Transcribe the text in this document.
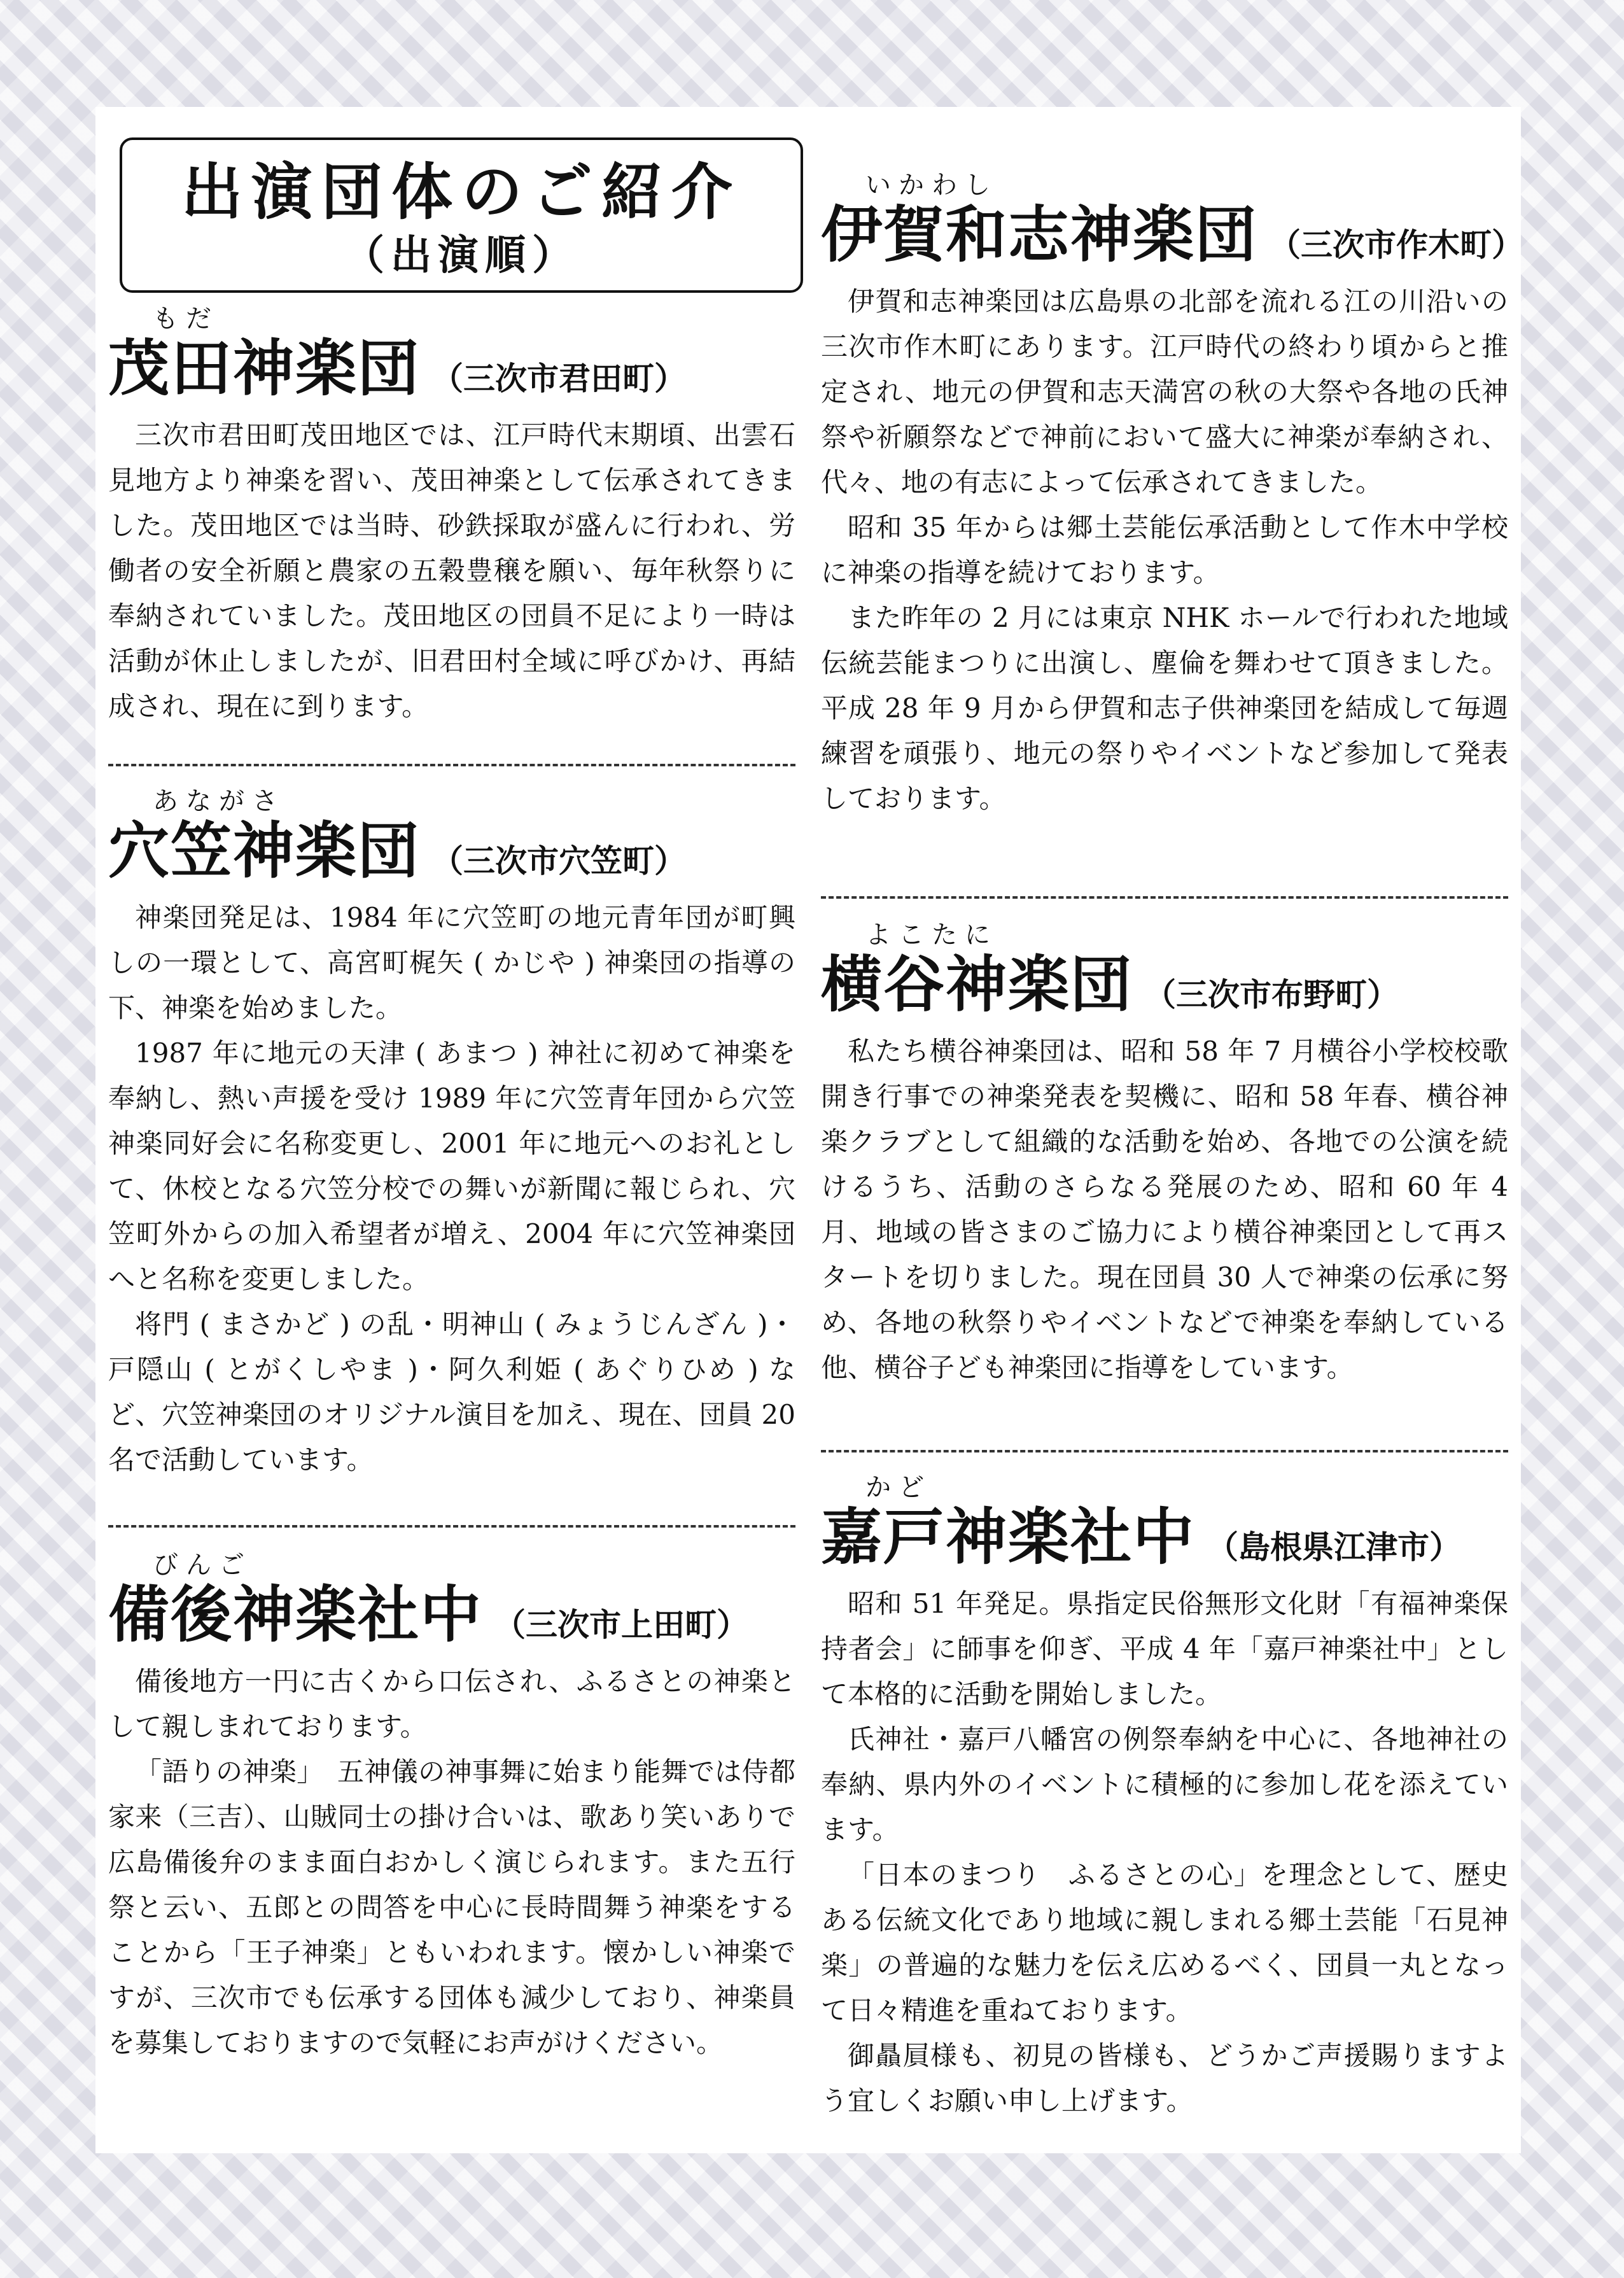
出演団体のご紹介
（出演順）
もだ
茂田神楽団 （三次市君田町）

三次市君田町茂田地区では、江戸時代末期頃、出雲石見地方より神楽を習い、茂田神楽として伝承されてきました。茂田地区では当時、砂鉄採取が盛んに行われ、労働者の安全祈願と農家の五穀豊穣を願い、毎年秋祭りに奉納されていました。茂田地区の団員不足により一時は活動が休止しましたが、旧君田村全域に呼びかけ、再結成され、現在に到ります。

あながさ
穴笠神楽団 （三次市穴笠町）

神楽団発足は、1984 年に穴笠町の地元青年団が町興しの一環として、高宮町梶矢 ( かじや ) 神楽団の指導の下、神楽を始めました。

1987 年に地元の天津 ( あまつ ) 神社に初めて神楽を奉納し、熱い声援を受け 1989 年に穴笠青年団から穴笠神楽同好会に名称変更し、2001 年に地元へのお礼として、休校となる穴笠分校での舞いが新聞に報じられ、穴笠町外からの加入希望者が増え、2004 年に穴笠神楽団へと名称を変更しました。

将門 ( まさかど ) の乱・明神山 ( みょうじんざん )・戸隠山 ( とがくしやま )・阿久利姫 ( あぐりひめ ) など、穴笠神楽団のオリジナル演目を加え、現在、団員 20 名で活動しています。

びんご
備後神楽社中 （三次市上田町）

備後地方一円に古くから口伝され、ふるさとの神楽として親しまれております。

「語りの神楽」　五神儀の神事舞に始まり能舞では侍都家来（三吉）、山賊同士の掛け合いは、歌あり笑いありで広島備後弁のまま面白おかしく演じられます。また五行祭と云い、五郎との問答を中心に長時間舞う神楽をすることから「王子神楽」ともいわれます。懐かしい神楽ですが、三次市でも伝承する団体も減少しており、神楽員を募集しておりますので気軽にお声がけください。

いかわし
伊賀和志神楽団 （三次市作木町）

伊賀和志神楽団は広島県の北部を流れる江の川沿いの三次市作木町にあります。江戸時代の終わり頃からと推定され、地元の伊賀和志天満宮の秋の大祭や各地の氏神祭や祈願祭などで神前において盛大に神楽が奉納され、代々、地の有志によって伝承されてきました。

昭和 35 年からは郷土芸能伝承活動として作木中学校に神楽の指導を続けております。

また昨年の 2 月には東京 NHK ホールで行われた地域伝統芸能まつりに出演し、塵倫を舞わせて頂きました。平成 28 年 9 月から伊賀和志子供神楽団を結成して毎週練習を頑張り、地元の祭りやイベントなど参加して発表しております。

よこたに
横谷神楽団 （三次市布野町）

私たち横谷神楽団は、昭和 58 年 7 月横谷小学校校歌開き行事での神楽発表を契機に、昭和 58 年春、横谷神楽クラブとして組織的な活動を始め、各地での公演を続けるうち、活動のさらなる発展のため、昭和 60 年 4 月、地域の皆さまのご協力により横谷神楽団として再スタートを切りました。現在団員 30 人で神楽の伝承に努め、各地の秋祭りやイベントなどで神楽を奉納している他、横谷子ども神楽団に指導をしています。

かど
嘉戸神楽社中 （島根県江津市）

昭和 51 年発足。県指定民俗無形文化財「有福神楽保持者会」に師事を仰ぎ、平成 4 年「嘉戸神楽社中」として本格的に活動を開始しました。

氏神社・嘉戸八幡宮の例祭奉納を中心に、各地神社の奉納、県内外のイベントに積極的に参加し花を添えています。

「日本のまつり　ふるさとの心」を理念として、歴史ある伝統文化であり地域に親しまれる郷土芸能「石見神楽」の普遍的な魅力を伝え広めるべく、団員一丸となって日々精進を重ねております。

御贔屓様も、初見の皆様も、どうかご声援賜りますよう宜しくお願い申し上げます。
